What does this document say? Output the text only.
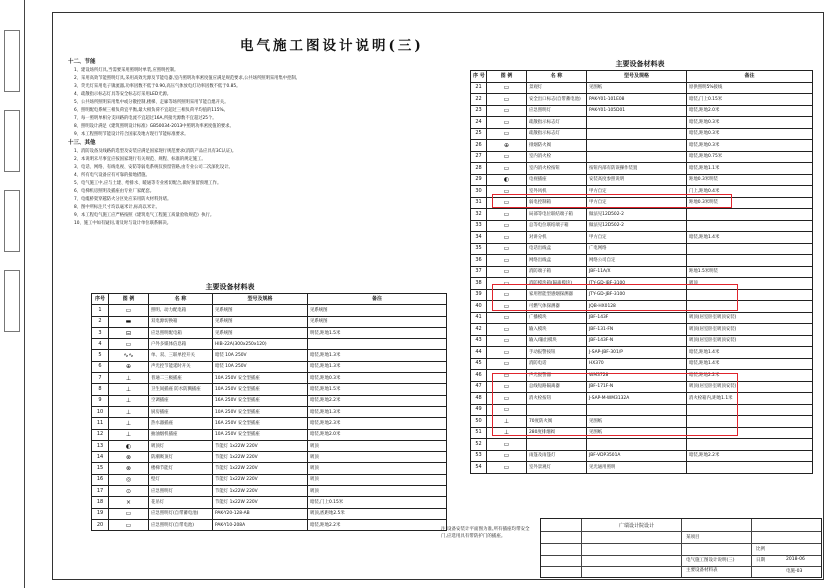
电气施工图设计说明(三)
十二、节能
1、建设场所灯具,当需要采用照明时单装,应照明控制。
2、采用高效节能照明灯具,采用高效光源及节能电器,室内照明功率密度值应满足规范要求,公共场所照明采用集中控制。
3、荧光灯采用电子镇流器,功率因数不低于0.90,高压气体放电灯功率因数不低于0.85。
4、疏散指示标志灯具等安全标志灯采用LED光源。
5、公共场所照明采用集中或分散控制,楼梯、走廊等场所照明采用节能自熄开关。
6、照明配电系统三相负荷宜平衡,最大相负荷不宜超过三相负荷平均值的115%。
7、每一照明单相分支回路的电流不宜超过16A,所接光源数不宜超过25个。
8、照明设计满足《建筑照明设计标准》GB50034-2013中照明功率密度值的要求。
9、本工程照明节能设计符合国家及地方现行节能标准要求。
十三、其他
1、消防设备及线路的选型及安装应满足国家现行规范要求(消防产品应具有3C认证)。
2、本说明未尽事宜应按国家现行有关规范、规程、标准的规定施工。
3、电话、网络、有线电视、安防等弱电系统仅预留管路,由专业公司二次深化设计。
4、所有电气设备应有可靠的接地措施。
5、电气施工中,应与土建、给排水、暖通等专业密切配合,做好预留预埋工作。
6、电梯机房照明及插座由专业厂家配套。
7、电缆桥架穿越防火分区处应采用防火材料封堵。
8、图中所标注尺寸均以毫米计,标高以米计。
9、本工程电气施工应严格按照《建筑电气工程施工质量验收规范》执行。
10、施工中如有疑问,请及时与设计单位联系解决。
主要设备材料表
序号	图 例	名 称	型号及规格	备注
1	▭	照明、动力配电箱	见系统图	见系统图
2	▬	双电源切换箱	见系统图	见系统图
3	⊟	应急照明配电箱	见系统图	明装,距地1.5米
4	▭	户外多媒体信息箱	HIB-22A(300x250x120)	
5	∿∿	单、双、三联单控开关	暗装 10A 250V	暗装,距地1.3米
6	⊕	声光控节能延时开关	暗装 10A 250V	暗装,距地1.3米
7	⊥	普通二三极插座	10A 250V 安全型插座	暗装,距地0.3米
8	⊥	卫生间插座 防水防溅插座	10A 250V 安全型插座	暗装,距地1.5米
9	⊥	空调插座	16A 250V 安全型插座	暗装,距地2.2米
10	⊥	厨房插座	10A 250V 安全型插座	暗装,距地1.3米
11	⊥	热水器插座	16A 250V 安全型插座	暗装,距地2.3米
12	⊥	抽油烟机插座	10A 250V 安全型插座	暗装,距地2.0米
13	◐	吸顶灯	节能灯 1x22W 220V	吸顶
14	⊗	防潮吸顶灯	节能灯 1x22W 220V	吸顶
15	⊗	楼梯节能灯	节能灯 1x22W 220V	吸顶
16	◎	壁灯	节能灯 1x22W 220V	吸顶
17	⊙	应急照明灯	节能灯 1x22W 220V	吸顶
18	×	花吊灯	节能灯 1x22W 220V	暗装,门上0.15米
19	▭	应急照明灯(自带蓄电池)	PAK-Y20-128-AB	吸顶,底距地2.5米
20	▭	应急照明灯(自带电池)	PAK-Y10-208A	暗装,距地2.2米
主要设备材料表
序 号	图 例	名 称	型号及规格	备注
21	▭	景观灯	见图纸	原供照明5%接线
22	▭	安全出口标志(自带蓄电池)	PAK-Y01-101E08	暗装,门上0.15米
23	▭	应急照明灯	PAK-Y01-105D01	暗装,距地2.0米
24	▭	疏散指示标志灯		暗装,距地0.3米
25	▭	疏散指示标志灯		暗装,距地0.3米
26	⊕	排烟防火阀		暗装,距地0.3米
27	▭	室内消火栓		暗装,距地0.75米
28	▭	室内消火栓按钮	按钮内部有防误操作装置	暗装,距地1.1米
29	◐	电视插座	安装高度参照说明	距地0.3米明装
30	▭	室外风机	甲方自定	门上,距地0.4米
31	▭	弱电控制箱	甲方自定	距地0.3米明装
32	▭	局部等电位联结端子箱	做法见12D502-2	
33	▭	总等电位联结端子箱	做法见12D502-2	
34	▭	对讲分机	甲方自定	暗装,距地1.4米
35	▭	电话出线盒	广电网络	
36	▭	网络出线盒	网络公司自定	
37	▭	消防端子箱	JBF-11A/X	距地1.5米明装
38	▭	消防模块箱(隔离模块)	JTY-GD-JBF-3100	吸顶
39	▭	家用智能型感烟探测器	JTY-GD-JBF-3100	
40	▭	可燃气体探测器	JQB-HX0128	
41	▭	广播模块	JBF-143F	吸顶(居室卧室吸顶安装)
42	▭	输入模块	JBF-131-FN	吸顶(居室卧室吸顶安装)
43	▭	输入/输出模块	JBF-143F-N	吸顶(居室卧室吸顶安装)
44	▭	手动报警按钮	J-SAP-JBF-301/P	暗装,距地1.4米
45	▭	消防电话	HX370	暗装,距地1.4米
46	▭	声光报警器	WM3728	暗装,距地2.2米
47	▭	总线短路隔离器	JBF-171F-N	吸顶(居室卧室吸顶安装)
48	▭	消火栓按钮	J-SAP-M-WM3132A	消火栓箱内,距地1.1米
49	▭			
50	⊥	70度防火阀	见图纸	
51	⊥	280度排烟阀	见图纸	
52	▭			
53	▭	雨篷及雨篷灯	JBF-VDP3501A	暗装,距地2.2米
54	▭	室外景观灯	见光通用照明	
注:设备安装计平面图为准,所有插座均带安全门,应选用具有带防护门的插座。
广瑞设计院设计
某项目
电气施工图设计说明(三)
主要设备材料表
比例
日期	2018-06
电施-03
